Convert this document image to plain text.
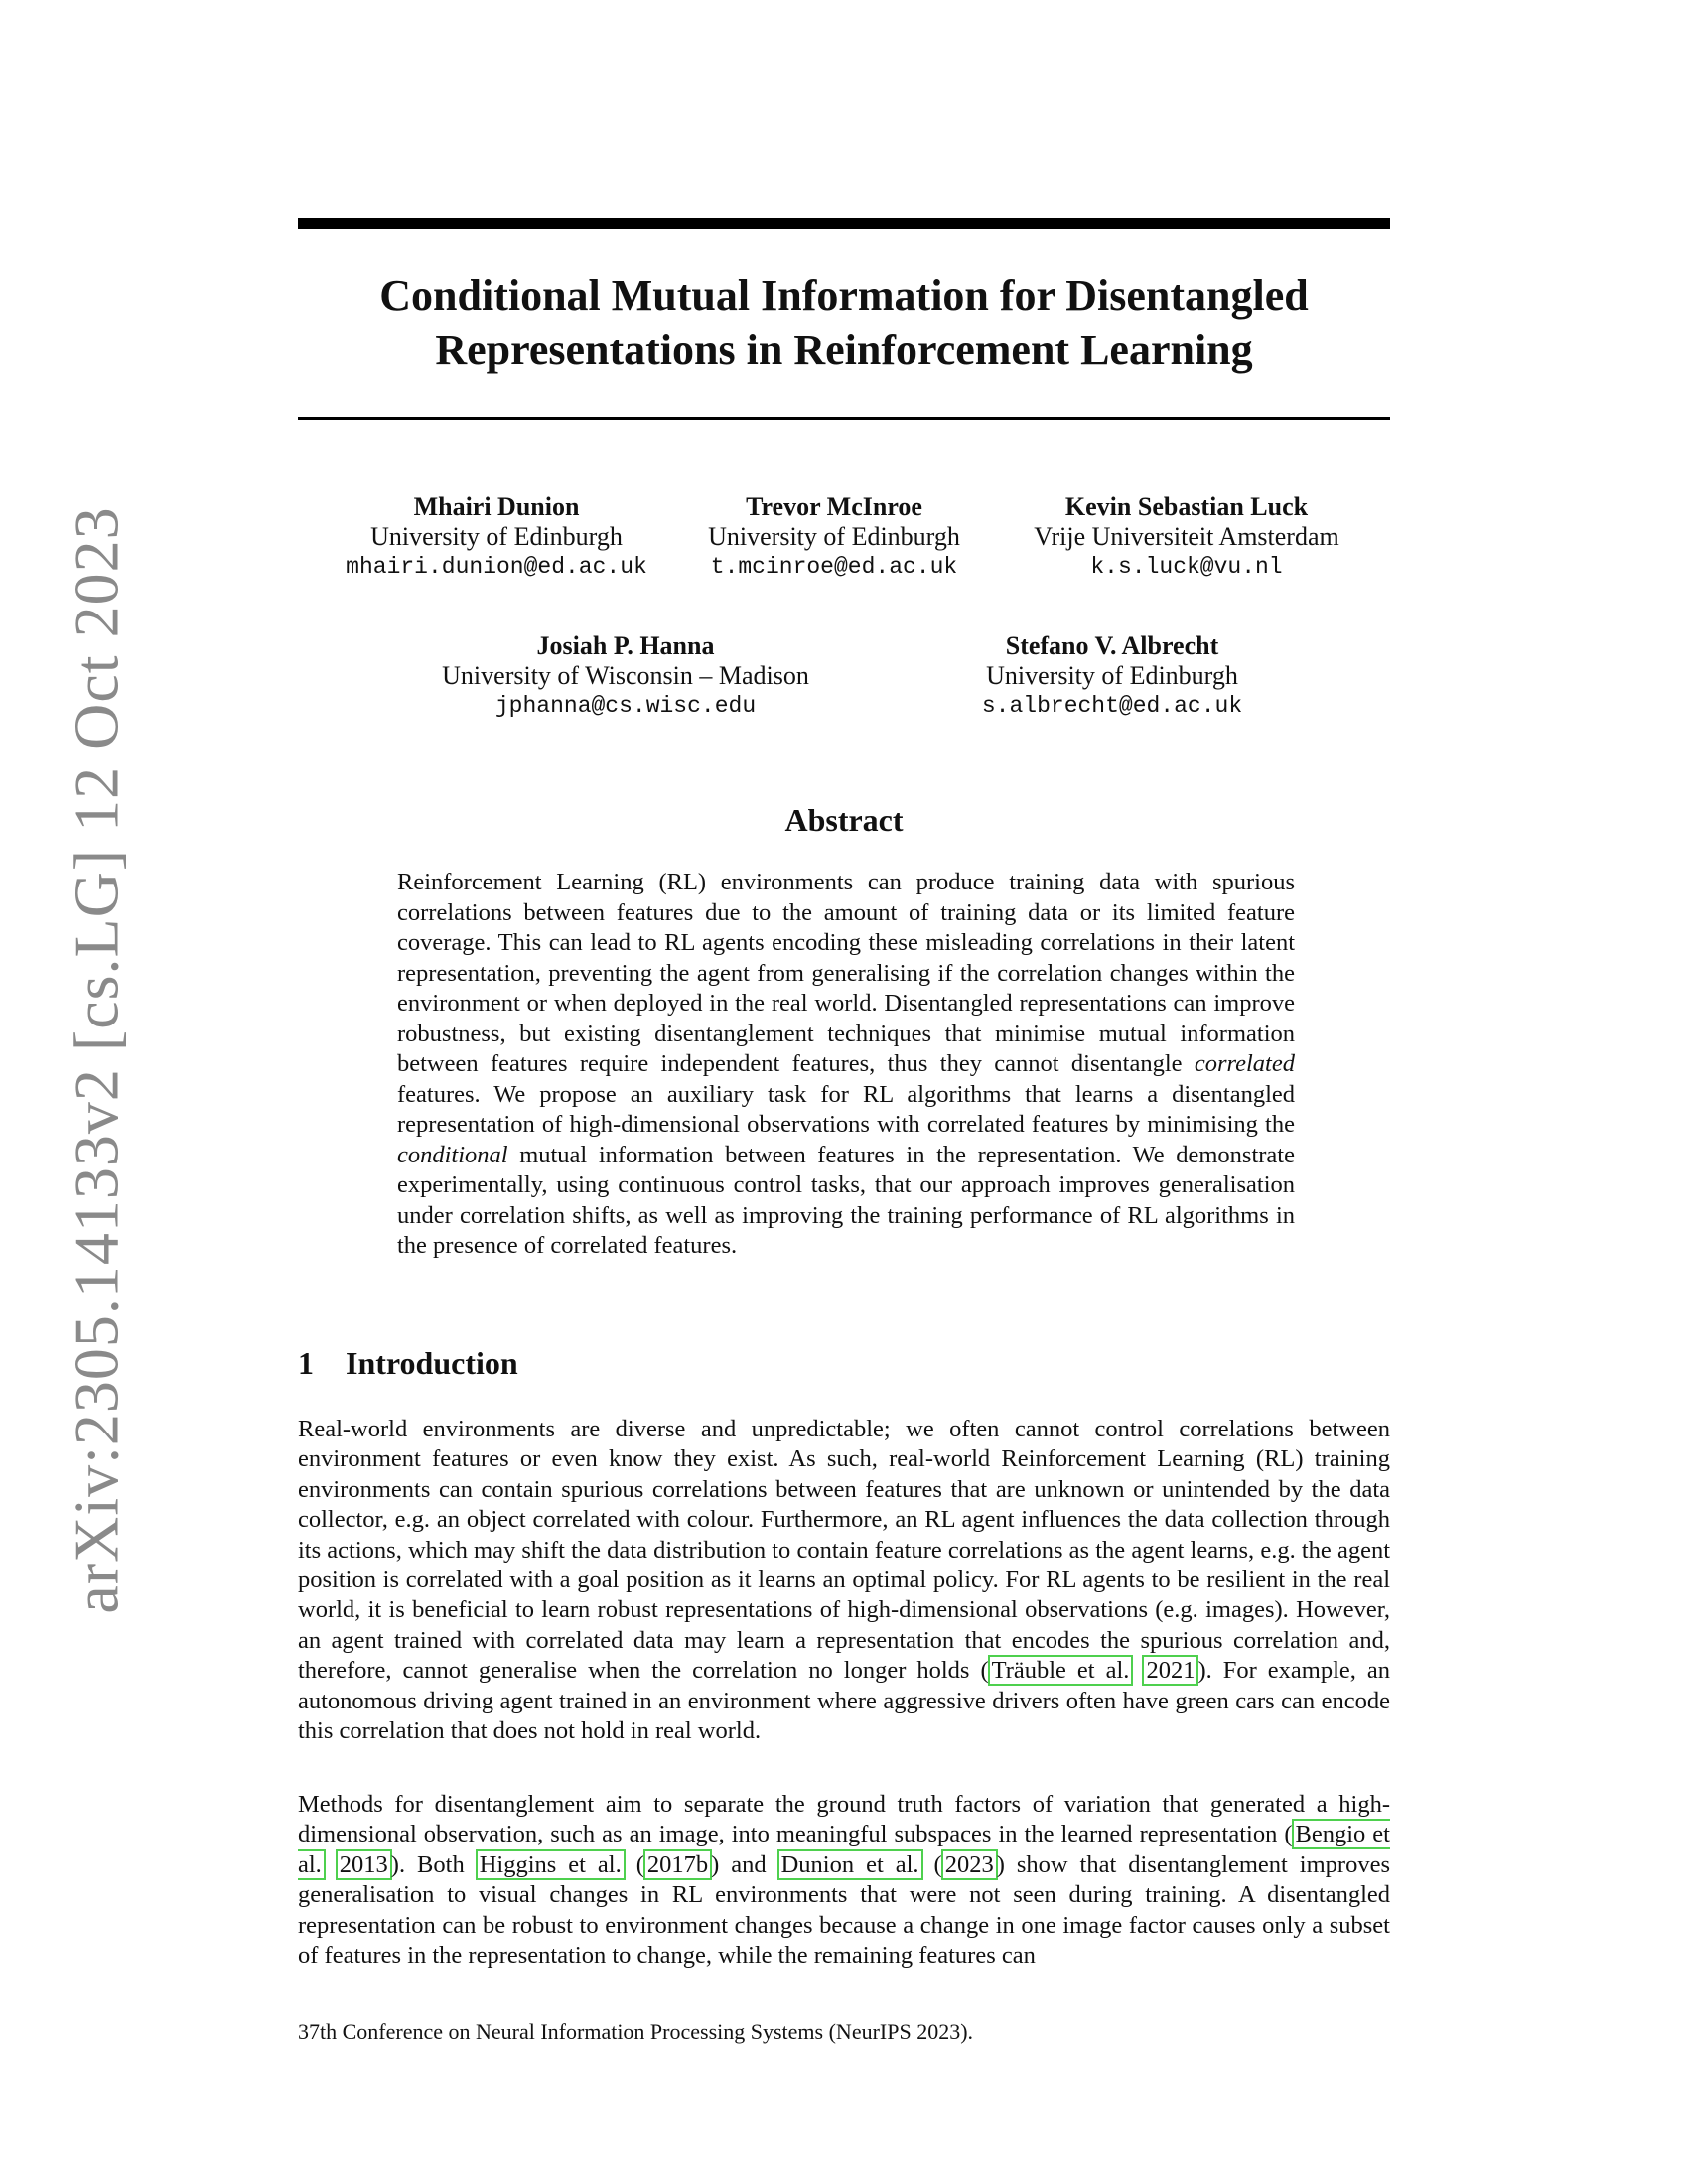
arXiv:2305.14133v2 [cs.LG] 12 Oct 2023
Conditional Mutual Information for Disentangled
Representations in Reinforcement Learning
Mhairi Dunion
University of Edinburgh
mhairi.dunion@ed.ac.uk
Trevor McInroe
University of Edinburgh
t.mcinroe@ed.ac.uk
Kevin Sebastian Luck
Vrije Universiteit Amsterdam
k.s.luck@vu.nl
Josiah P. Hanna
University of Wisconsin – Madison
jphanna@cs.wisc.edu
Stefano V. Albrecht
University of Edinburgh
s.albrecht@ed.ac.uk
Abstract
Reinforcement Learning (RL) environments can produce training data with spurious correlations between features due to the amount of training data or its limited feature coverage. This can lead to RL agents encoding these misleading correlations in their latent representation, preventing the agent from generalising if the correlation changes within the environment or when deployed in the real world. Disentangled representations can improve robustness, but existing disentanglement techniques that minimise mutual information between features require independent features, thus they cannot disentangle correlated features. We propose an auxiliary task for RL algorithms that learns a disentangled representation of high-dimensional observations with correlated features by minimising the conditional mutual information between features in the representation. We demonstrate experimentally, using continuous control tasks, that our approach improves generalisation under correlation shifts, as well as improving the training performance of RL algorithms in the presence of correlated features.
1 Introduction
Real-world environments are diverse and unpredictable; we often cannot control correlations between environment features or even know they exist. As such, real-world Reinforcement Learning (RL) training environments can contain spurious correlations between features that are unknown or unintended by the data collector, e.g. an object correlated with colour. Furthermore, an RL agent influences the data collection through its actions, which may shift the data distribution to contain feature correlations as the agent learns, e.g. the agent position is correlated with a goal position as it learns an optimal policy. For RL agents to be resilient in the real world, it is beneficial to learn robust representations of high-dimensional observations (e.g. images). However, an agent trained with correlated data may learn a representation that encodes the spurious correlation and, therefore, cannot generalise when the correlation no longer holds ( Träuble et al. 2021 ). For example, an autonomous driving agent trained in an environment where aggressive drivers often have green cars can encode this correlation that does not hold in real world.
Methods for disentanglement aim to separate the ground truth factors of variation that generated a high-dimensional observation, such as an image, into meaningful subspaces in the learned representation ( Bengio et al. 2013 ). Both Higgins et al. ( 2017b ) and Dunion et al. ( 2023 ) show that disentanglement improves generalisation to visual changes in RL environments that were not seen during training. A disentangled representation can be robust to environment changes because a change in one image factor causes only a subset of features in the representation to change, while the remaining features can
37th Conference on Neural Information Processing Systems (NeurIPS 2023).
